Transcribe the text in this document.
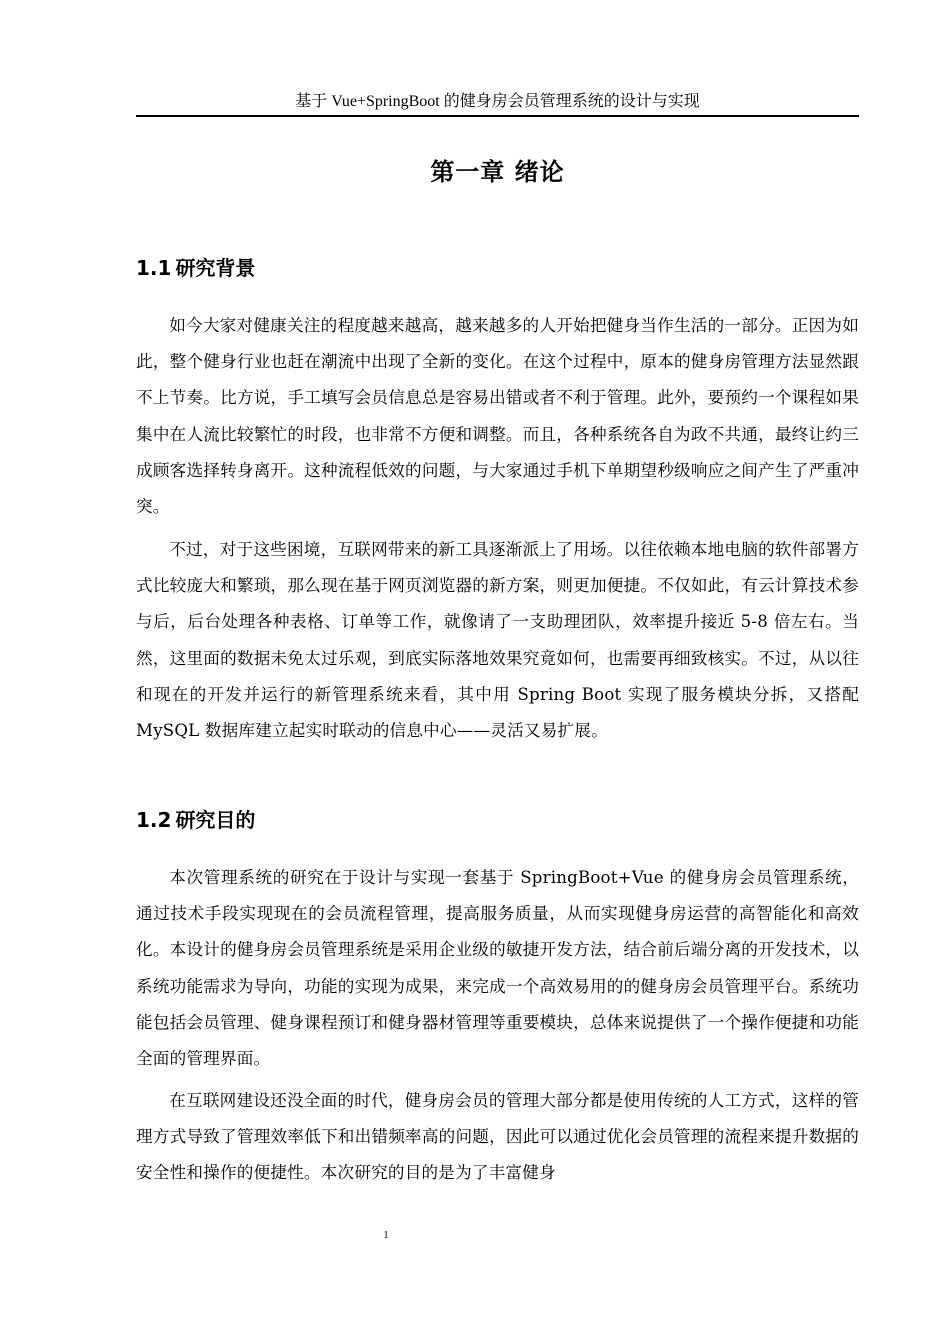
基于 Vue+SpringBoot 的健身房会员管理系统的设计与实现
第一章 绪论
1.1 研究背景

如今大家对健康关注的程度越来越高，越来越多的人开始把健身当作生活的一部分。正因为如此，整个健身行业也赶在潮流中出现了全新的变化。在这个过程中，原本的健身房管理方法显然跟不上节奏。比方说，手工填写会员信息总是容易出错或者不利于管理。此外，要预约一个课程如果集中在人流比较繁忙的时段，也非常不方便和调整。而且，各种系统各自为政不共通，最终让约三成顾客选择转身离开。这种流程低效的问题，与大家通过手机下单期望秒级响应之间产生了严重冲突。

不过，对于这些困境，互联网带来的新工具逐渐派上了用场。以往依赖本地电脑的软件部署方式比较庞大和繁琐，那么现在基于网页浏览器的新方案，则更加便捷。不仅如此，有云计算技术参与后，后台处理各种表格、订单等工作，就像请了一支助理团队，效率提升接近 5-8 倍左右。当然，这里面的数据未免太过乐观，到底实际落地效果究竟如何，也需要再细致核实。不过，从以往和现在的开发并运行的新管理系统来看，其中用 Spring Boot 实现了服务模块分拆，又搭配 MySQL 数据库建立起实时联动的信息中心——灵活又易扩展。

1.2 研究目的

本次管理系统的研究在于设计与实现一套基于 SpringBoot+Vue 的健身房会员管理系统，通过技术手段实现现在的会员流程管理，提高服务质量，从而实现健身房运营的高智能化和高效化。本设计的健身房会员管理系统是采用企业级的敏捷开发方法，结合前后端分离的开发技术，以系统功能需求为导向，功能的实现为成果，来完成一个高效易用的的健身房会员管理平台。系统功能包括会员管理、健身课程预订和健身器材管理等重要模块，总体来说提供了一个操作便捷和功能全面的管理界面。

在互联网建设还没全面的时代，健身房会员的管理大部分都是使用传统的人工方式，这样的管理方式导致了管理效率低下和出错频率高的问题，因此可以通过优化会员管理的流程来提升数据的安全性和操作的便捷性。本次研究的目的是为了丰富健身

1
